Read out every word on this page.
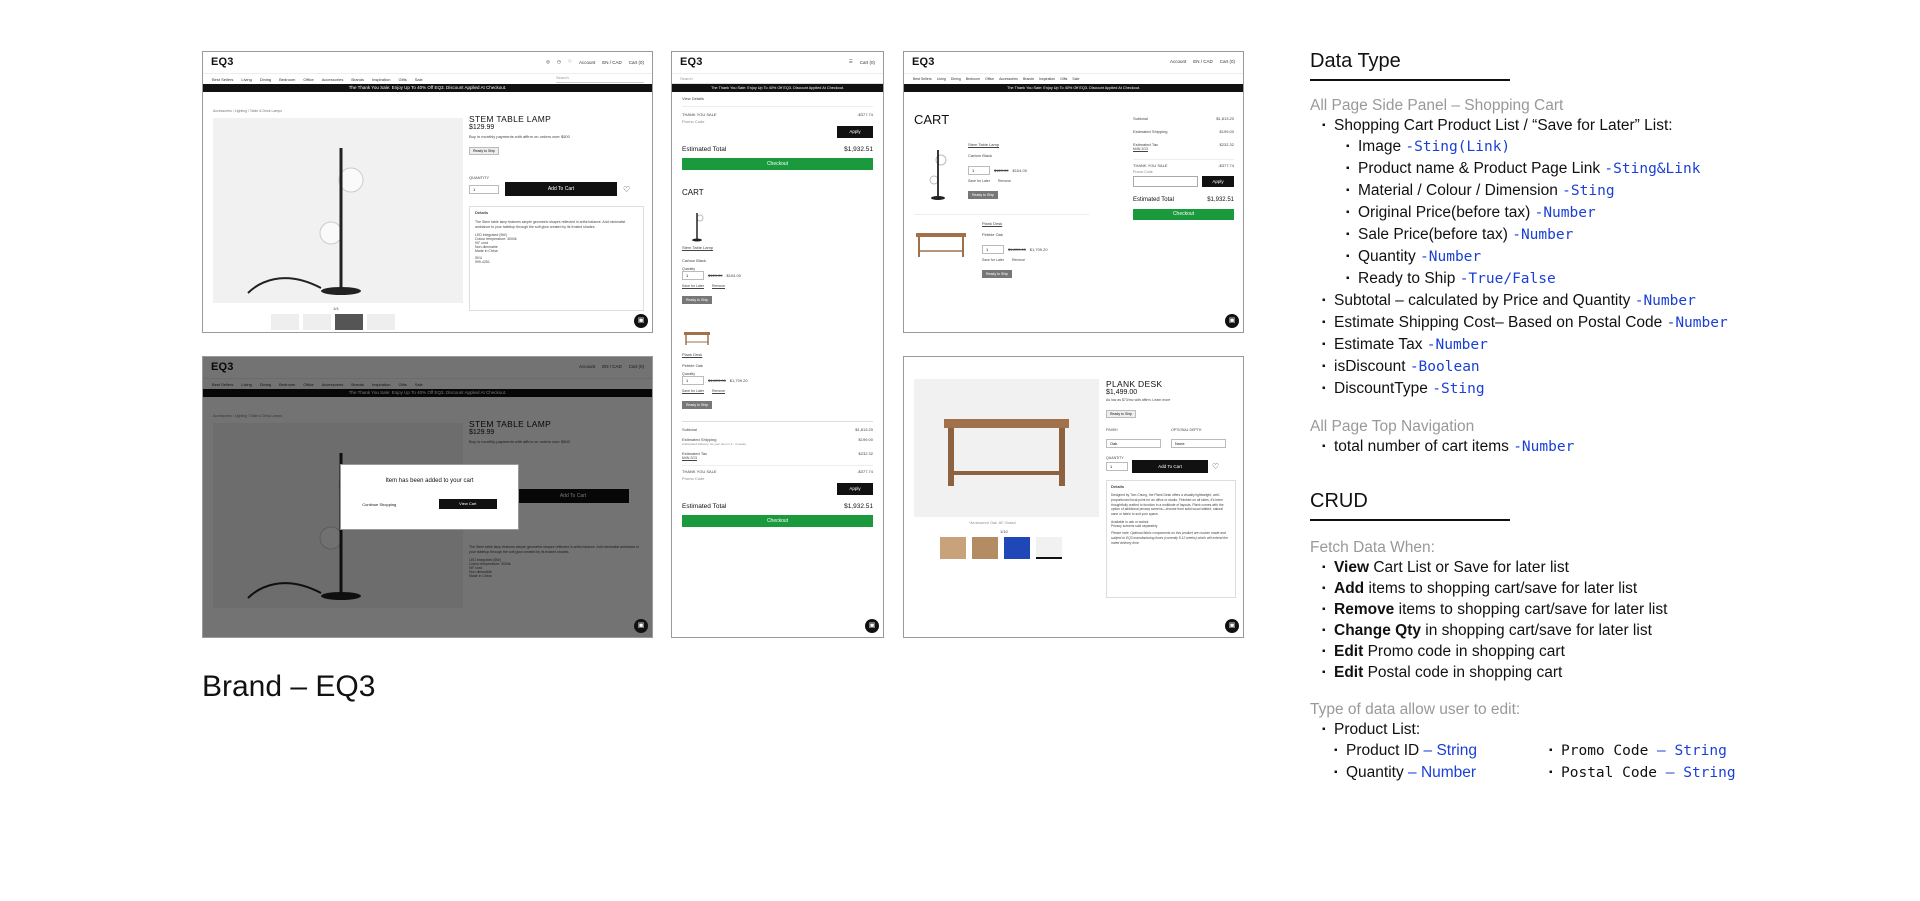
EQ3	◎ ◷ ♡ Account EN / CAD Cart (0)
Best Sellers Living Dining Bedroom Office Accessories Brands Inspiration Gifts Sale	Search
The Thank You Sale: Enjoy Up To 40% Off EQ3. Discount Applied At Checkout.
Accessories / Lighting / Table & Desk Lamps
1/4
STEM TABLE LAMP
$129.99
Buy in monthly payments with affirm on orders over $500
Ready to Ship
QUANTITY
1	Add To Cart	♡
Details
The Stem table lamp features simple geometric shapes reflected in artful balance. Add minimalist ambiance to your tabletop through the soft glow created by its frosted shades.
LED integrated (6W)
Colour temperature: 3000k
90° cord
Non-dimmable
Made in China
SKU
999-4251
▣
Item has been added to your cart
Continue Shopping	View Cart
▣
EQ3	☰ Cart (0)
Search
The Thank You Sale: Enjoy Up To 40% Off EQ3. Discount Applied At Checkout.
View Details
THANK YOU SALE	-$377.74
Promo Code
Apply
Estimated Total	$1,932.51
Checkout
CART
Stem Table Lamp
Carbon Black
Quantity
1	$129.99 $104.00
Save for Later Remove
Ready to Ship
Plank Desk
Pebble Oak
Quantity
1	$1,899.00 $1,709.20
Save for Later Remove
Ready to Ship
Subtotal	$1,813.20
Estimated Shipping	$199.00
Anticipated Delivery: As your item in 3 - 4 weeks
Estimated Tax	$232.32
M4N 2G3
THANK YOU SALE	-$377.74
Promo Code
Apply
Estimated Total	$1,932.51
Checkout
▣
EQ3	Account EN / CAD Cart (0)
Best Sellers Living Dining Bedroom Office Accessories Brands Inspiration Gifts Sale
The Thank You Sale: Enjoy Up To 40% Off EQ3. Discount Applied At Checkout.
CART
Stem Table Lamp
Carbon Black
1	$129.99 $104.00
Save for Later Remove
Ready to Ship
Plank Desk
Pebble Oak
1	$1,899.00 $1,709.20
Save for Later Remove
Ready to Ship
Subtotal	$1,813.20
Estimated Shipping	$199.00
Estimated Tax	$232.32
M4N 2G3
THANK YOU SALE	-$377.74
Promo Code
Apply
Estimated Total	$1,932.51
Checkout
▣
*As shown in Oak, 46" Closed
1/10
PLANK DESK
$1,499.00
As low as $73/mo with affirm. Learn more
Ready to Ship
FINISH
Oak
OPTIONAL DEPTH
None
QUANTITY
1	Add To Cart	♡
Details
Designed by Tom Chung, the Plank Desk offers a visually lightweight, well-proportioned focal point for an office or studio. Finished on all sides, it's been thoughtfully crafted to function in a multitude of layouts. Plank comes with the option of additional privacy screens—choose from solid wood slatted, natural cane or fabric to suit your space.
Available in oak or walnut
Privacy screens sold separately
Please note: Optional fabric components on this product are custom made and subject to EQ3 manufacturing times (currently 8-12 weeks) which will extend the noted delivery time.
▣
Brand – EQ3
Data Type
All Page Side Panel – Shopping Cart
▪ Shopping Cart Product List / “Save for Later” List:
▪ Image -Sting(Link)
▪ Product name & Product Page Link -Sting&Link
▪ Material / Colour / Dimension -Sting
▪ Original Price(before tax) -Number
▪ Sale Price(before tax) -Number
▪ Quantity -Number
▪ Ready to Ship -True/False
▪ Subtotal – calculated by Price and Quantity -Number
▪ Estimate Shipping Cost– Based on Postal Code -Number
▪ Estimate Tax -Number
▪ isDiscount -Boolean
▪ DiscountType -Sting
All Page Top Navigation
▪ total number of cart items -Number
CRUD
Fetch Data When:
▪ View Cart List or Save for later list
▪ Add items to shopping cart/save for later list
▪ Remove items to shopping cart/save for later list
▪ Change Qty in shopping cart/save for later list
▪ Edit Promo code in shopping cart
▪ Edit Postal code in shopping cart
Type of data allow user to edit:
▪ Product List:
▪ Product ID – String	▪ Promo Code – String
▪ Quantity – Number	▪ Postal Code – String
